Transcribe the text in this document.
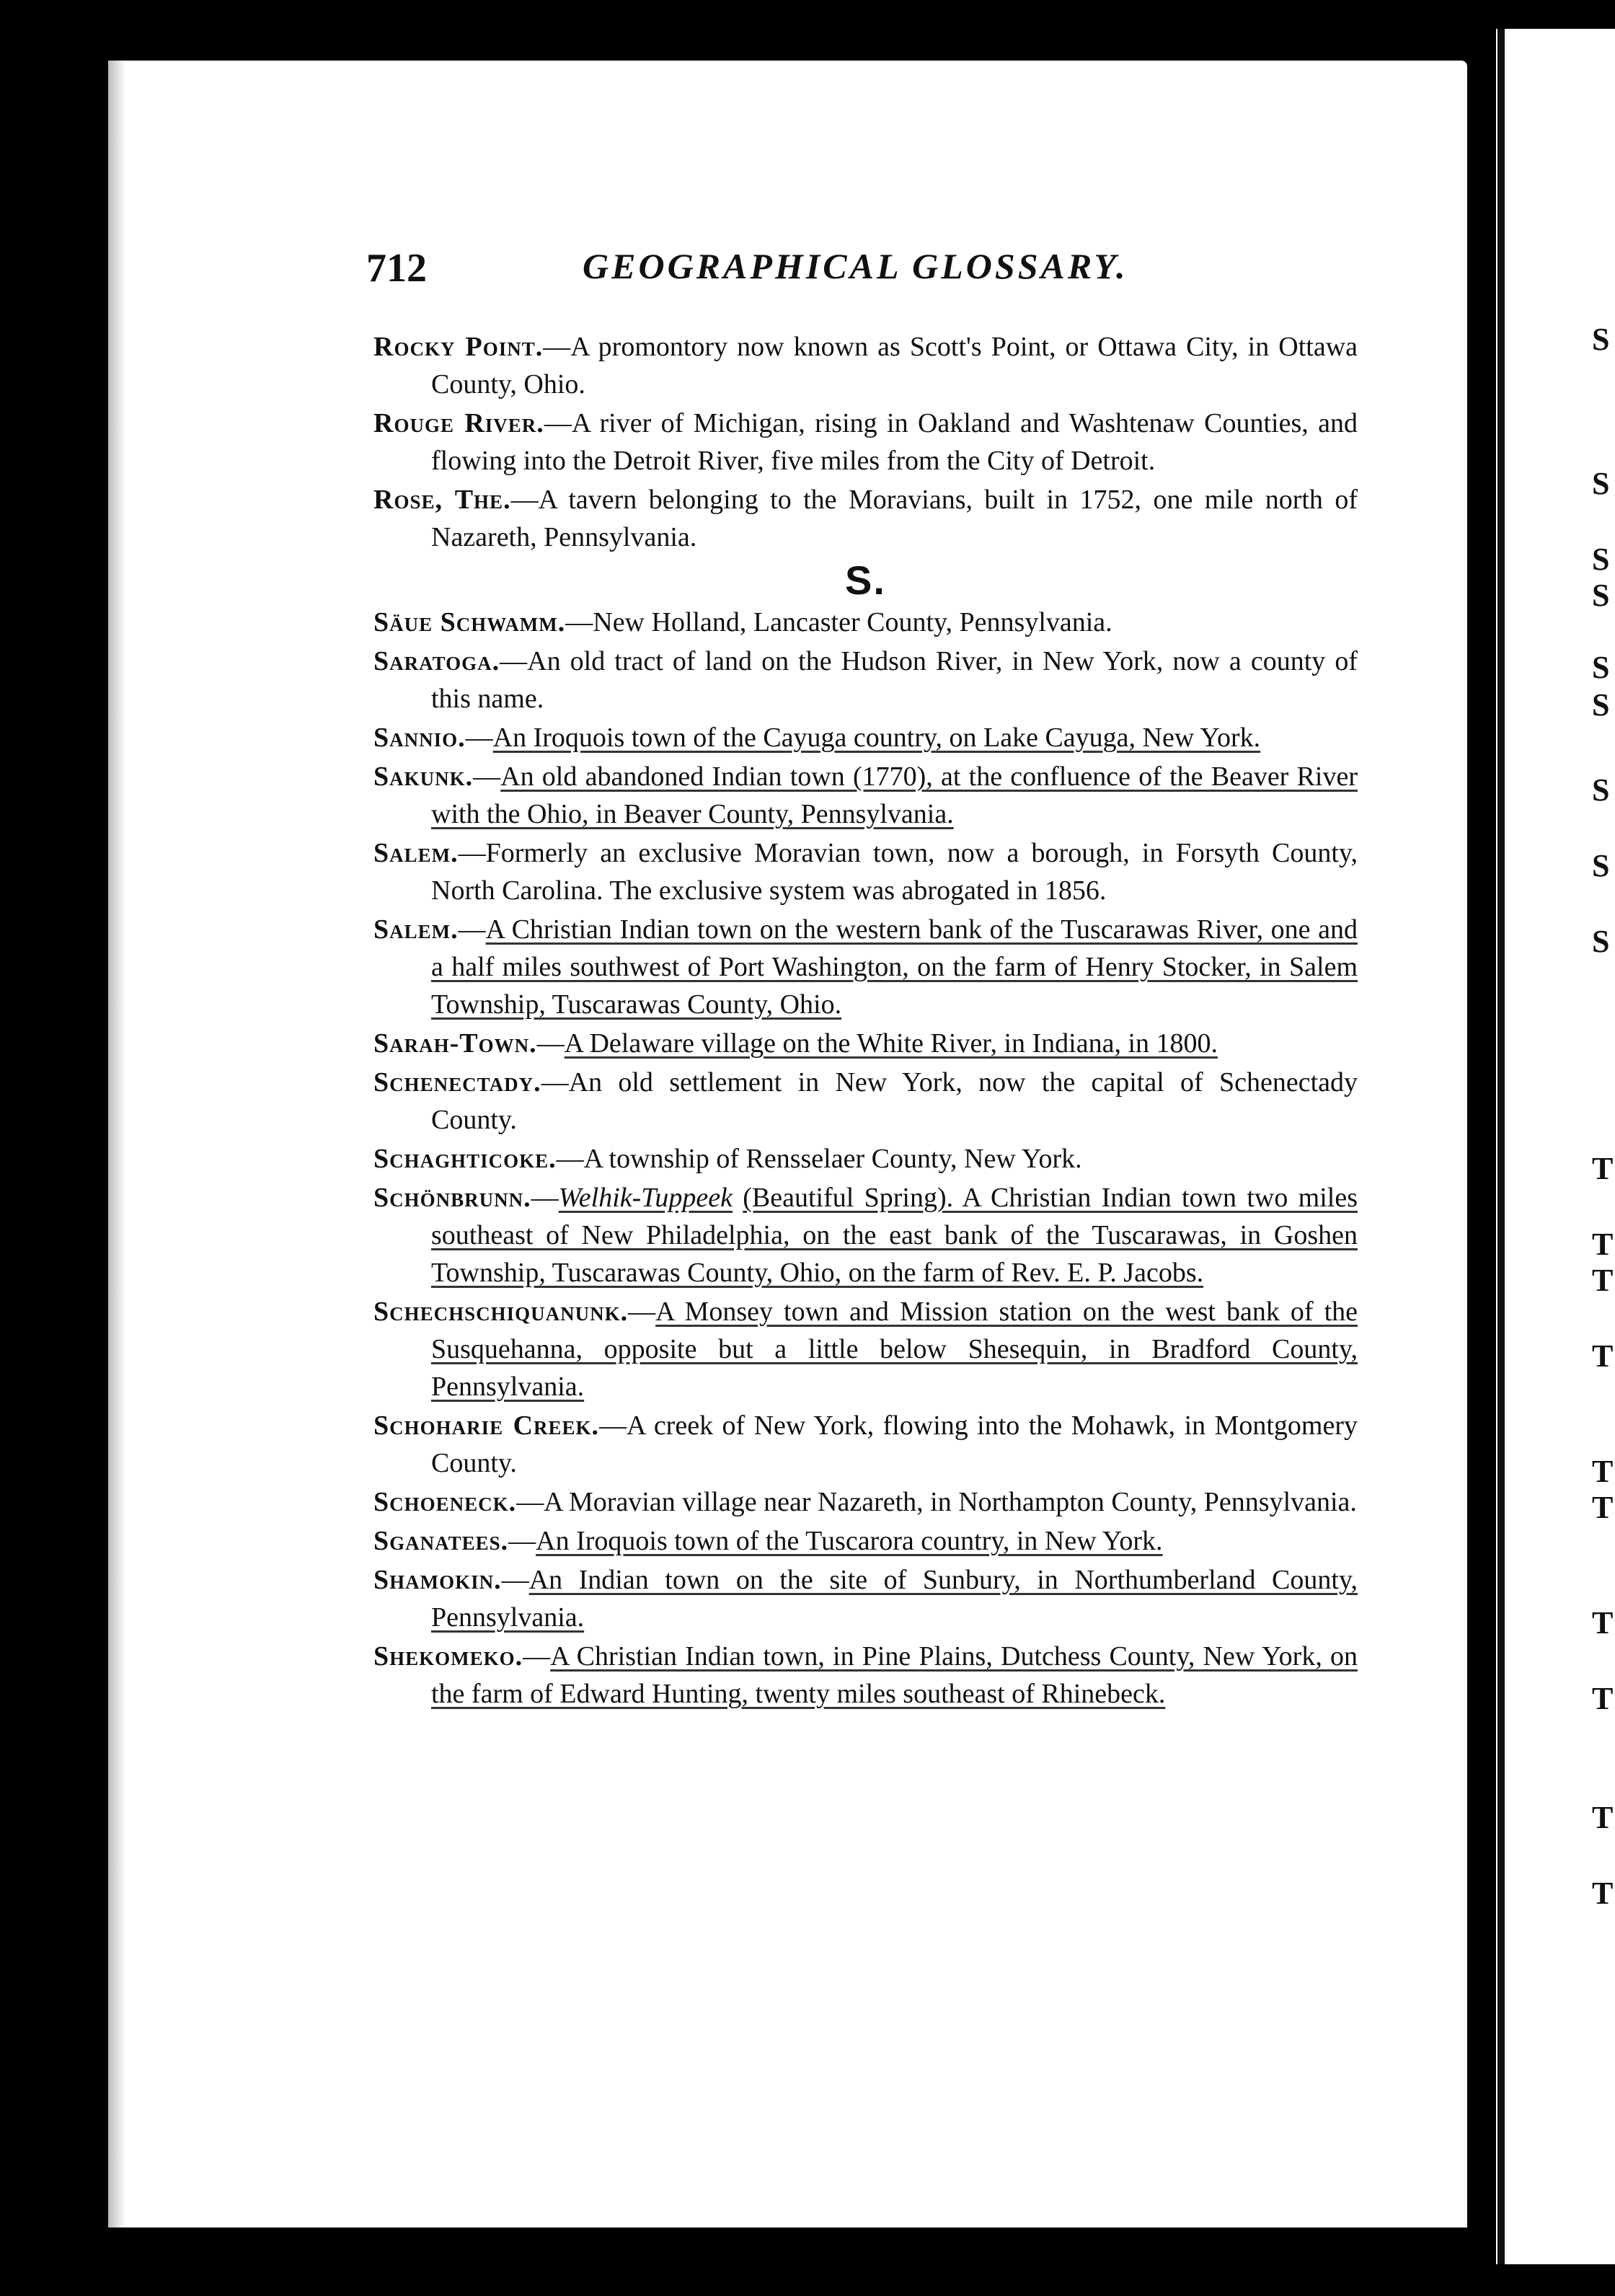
S
S
S
S
S
S
S
S
S
T
T
T
T
T
T
T
T
T
T
712	GEOGRAPHICAL GLOSSARY.

Rocky Point.—A promontory now known as Scott's Point, or Ottawa City, in Ottawa County, Ohio.

Rouge River.—A river of Michigan, rising in Oakland and Washtenaw Counties, and flowing into the Detroit River, five miles from the City of Detroit.

Rose, The.—A tavern belonging to the Moravians, built in 1752, one mile north of Nazareth, Pennsylvania.

S.

Säue Schwamm.—New Holland, Lancaster County, Pennsylvania.

Saratoga.—An old tract of land on the Hudson River, in New York, now a county of this name.

Sannio.—An Iroquois town of the Cayuga country, on Lake Cayuga, New York.

Sakunk.—An old abandoned Indian town (1770), at the confluence of the Beaver River with the Ohio, in Beaver County, Pennsylvania.

Salem.—Formerly an exclusive Moravian town, now a borough, in Forsyth County, North Carolina. The exclusive system was abrogated in 1856.

Salem.—A Christian Indian town on the western bank of the Tuscarawas River, one and a half miles southwest of Port Washington, on the farm of Henry Stocker, in Salem Township, Tuscarawas County, Ohio.

Sarah-Town.—A Delaware village on the White River, in Indiana, in 1800.

Schenectady.—An old settlement in New York, now the capital of Schenectady County.

Schaghticoke.—A township of Rensselaer County, New York.

Schönbrunn.—Welhik-Tuppeek (Beautiful Spring). A Christian Indian town two miles southeast of New Philadelphia, on the east bank of the Tuscarawas, in Goshen Township, Tuscarawas County, Ohio, on the farm of Rev. E. P. Jacobs.

Schechschiquanunk.—A Monsey town and Mission station on the west bank of the Susquehanna, opposite but a little below Shesequin, in Bradford County, Pennsylvania.

Schoharie Creek.—A creek of New York, flowing into the Mohawk, in Montgomery County.

Schoeneck.—A Moravian village near Nazareth, in Northampton County, Pennsylvania.

Sganatees.—An Iroquois town of the Tuscarora country, in New York.

Shamokin.—An Indian town on the site of Sunbury, in Northumberland County, Pennsylvania.

Shekomeko.—A Christian Indian town, in Pine Plains, Dutchess County, New York, on the farm of Edward Hunting, twenty miles southeast of Rhinebeck.
